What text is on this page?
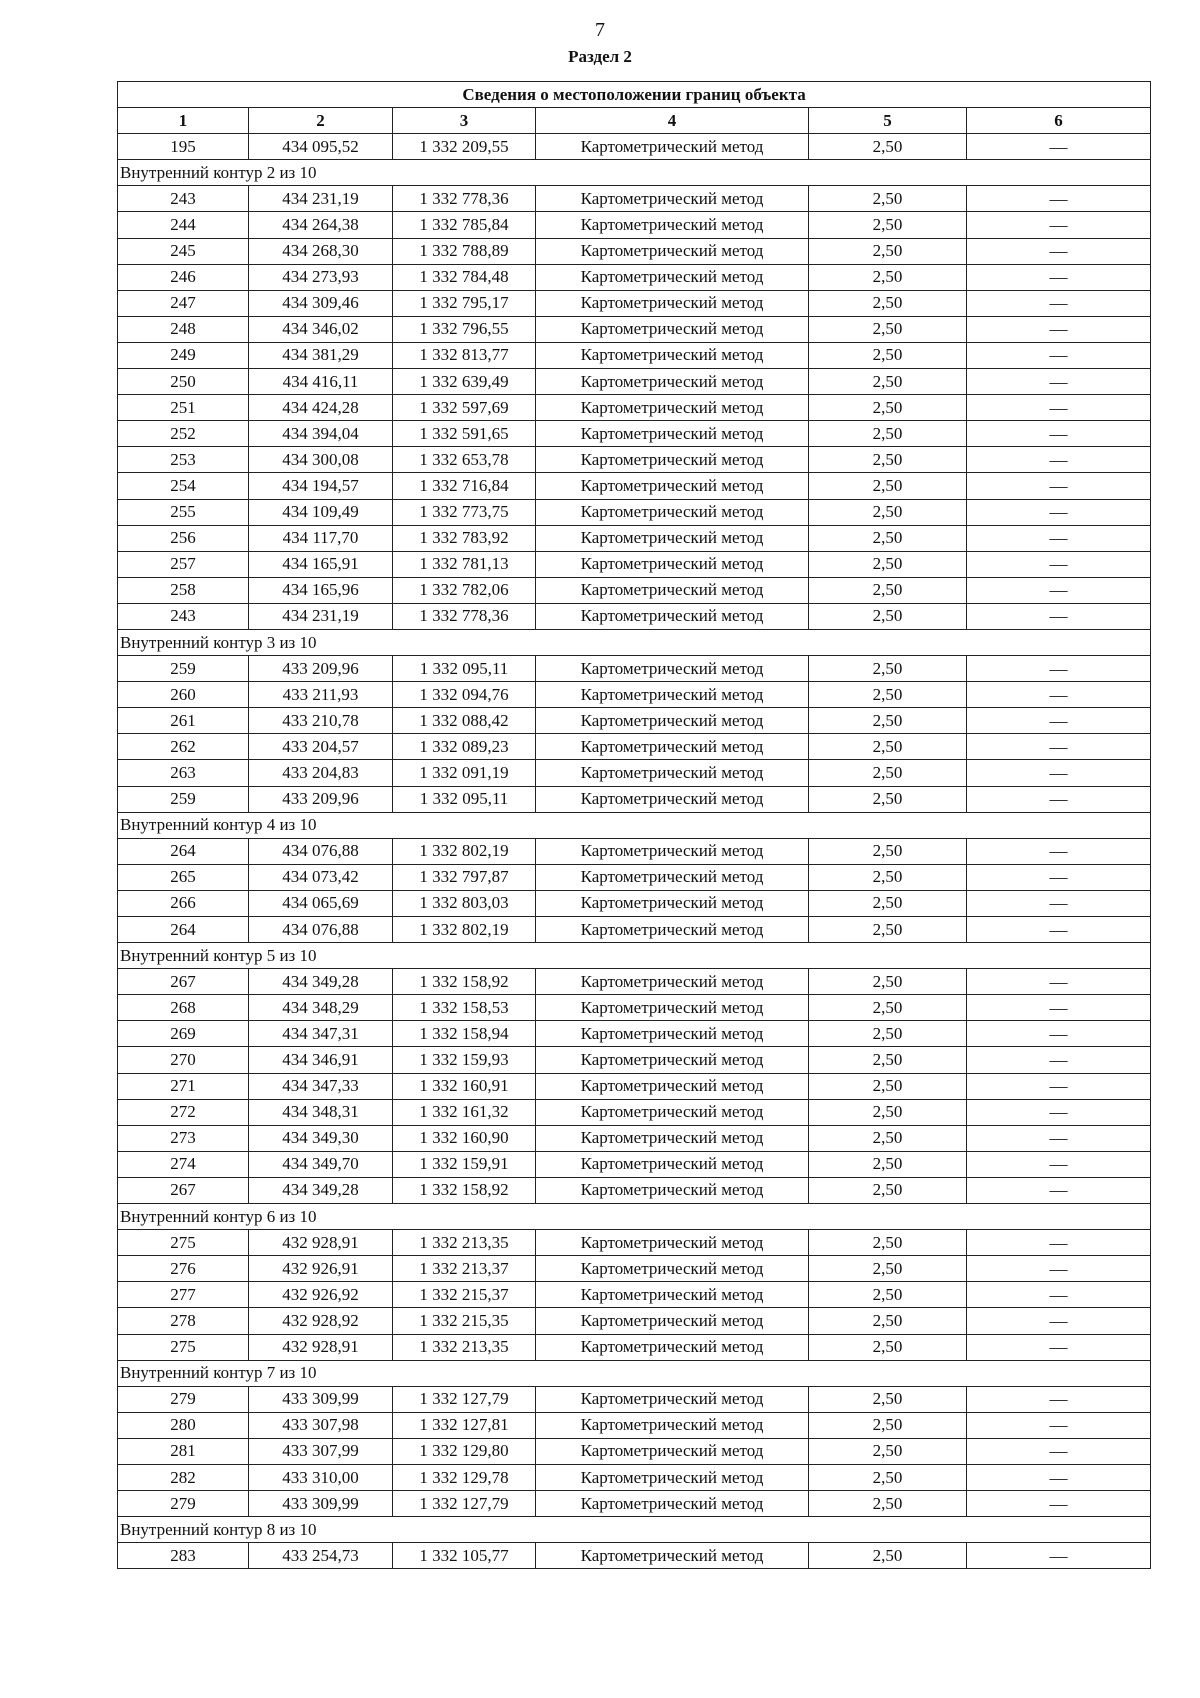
7
Раздел 2
Сведения о местоположении границ объекта					
1	2	3	4	5	6
195	434 095,52	1 332 209,55	Картометрический метод	2,50	—
Внутренний контур 2 из 10					
243	434 231,19	1 332 778,36	Картометрический метод	2,50	—
244	434 264,38	1 332 785,84	Картометрический метод	2,50	—
245	434 268,30	1 332 788,89	Картометрический метод	2,50	—
246	434 273,93	1 332 784,48	Картометрический метод	2,50	—
247	434 309,46	1 332 795,17	Картометрический метод	2,50	—
248	434 346,02	1 332 796,55	Картометрический метод	2,50	—
249	434 381,29	1 332 813,77	Картометрический метод	2,50	—
250	434 416,11	1 332 639,49	Картометрический метод	2,50	—
251	434 424,28	1 332 597,69	Картометрический метод	2,50	—
252	434 394,04	1 332 591,65	Картометрический метод	2,50	—
253	434 300,08	1 332 653,78	Картометрический метод	2,50	—
254	434 194,57	1 332 716,84	Картометрический метод	2,50	—
255	434 109,49	1 332 773,75	Картометрический метод	2,50	—
256	434 117,70	1 332 783,92	Картометрический метод	2,50	—
257	434 165,91	1 332 781,13	Картометрический метод	2,50	—
258	434 165,96	1 332 782,06	Картометрический метод	2,50	—
243	434 231,19	1 332 778,36	Картометрический метод	2,50	—
Внутренний контур 3 из 10					
259	433 209,96	1 332 095,11	Картометрический метод	2,50	—
260	433 211,93	1 332 094,76	Картометрический метод	2,50	—
261	433 210,78	1 332 088,42	Картометрический метод	2,50	—
262	433 204,57	1 332 089,23	Картометрический метод	2,50	—
263	433 204,83	1 332 091,19	Картометрический метод	2,50	—
259	433 209,96	1 332 095,11	Картометрический метод	2,50	—
Внутренний контур 4 из 10					
264	434 076,88	1 332 802,19	Картометрический метод	2,50	—
265	434 073,42	1 332 797,87	Картометрический метод	2,50	—
266	434 065,69	1 332 803,03	Картометрический метод	2,50	—
264	434 076,88	1 332 802,19	Картометрический метод	2,50	—
Внутренний контур 5 из 10					
267	434 349,28	1 332 158,92	Картометрический метод	2,50	—
268	434 348,29	1 332 158,53	Картометрический метод	2,50	—
269	434 347,31	1 332 158,94	Картометрический метод	2,50	—
270	434 346,91	1 332 159,93	Картометрический метод	2,50	—
271	434 347,33	1 332 160,91	Картометрический метод	2,50	—
272	434 348,31	1 332 161,32	Картометрический метод	2,50	—
273	434 349,30	1 332 160,90	Картометрический метод	2,50	—
274	434 349,70	1 332 159,91	Картометрический метод	2,50	—
267	434 349,28	1 332 158,92	Картометрический метод	2,50	—
Внутренний контур 6 из 10					
275	432 928,91	1 332 213,35	Картометрический метод	2,50	—
276	432 926,91	1 332 213,37	Картометрический метод	2,50	—
277	432 926,92	1 332 215,37	Картометрический метод	2,50	—
278	432 928,92	1 332 215,35	Картометрический метод	2,50	—
275	432 928,91	1 332 213,35	Картометрический метод	2,50	—
Внутренний контур 7 из 10					
279	433 309,99	1 332 127,79	Картометрический метод	2,50	—
280	433 307,98	1 332 127,81	Картометрический метод	2,50	—
281	433 307,99	1 332 129,80	Картометрический метод	2,50	—
282	433 310,00	1 332 129,78	Картометрический метод	2,50	—
279	433 309,99	1 332 127,79	Картометрический метод	2,50	—
Внутренний контур 8 из 10					
283	433 254,73	1 332 105,77	Картометрический метод	2,50	—
